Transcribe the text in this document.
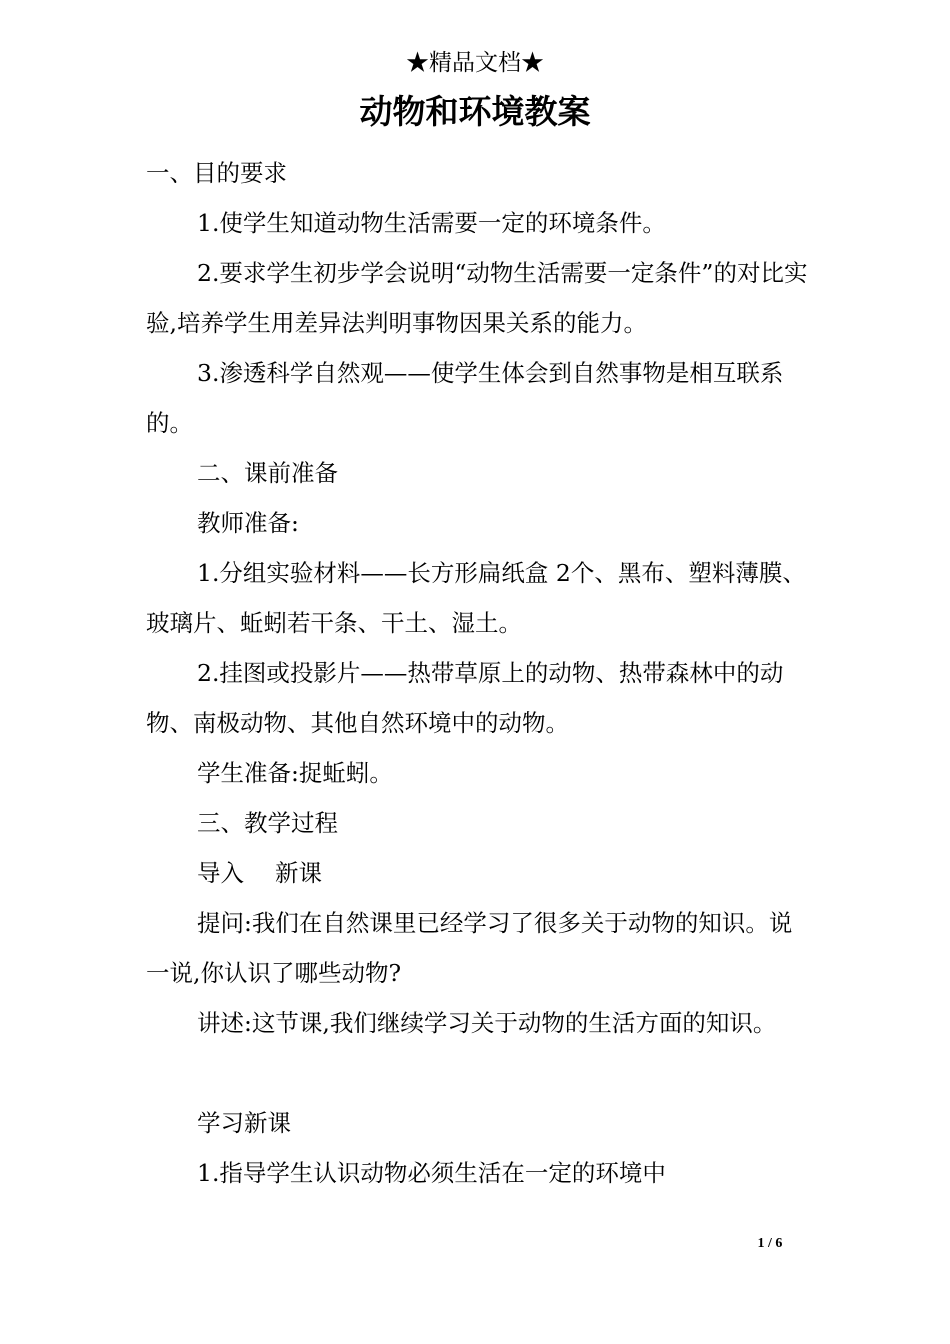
★精品文档★
动物和环境教案

一、目的要求

1.使学生知道动物生活需要一定的环境条件。

2.要求学生初步学会说明“动物生活需要一定条件”的对比实验,培养学生用差异法判明事物因果关系的能力。

3.渗透科学自然观——使学生体会到自然事物是相互联系的。

二、课前准备

教师准备:

1.分组实验材料——长方形扁纸盒 2个、黑布、塑料薄膜、玻璃片、蚯蚓若干条、干土、湿土。

2.挂图或投影片——热带草原上的动物、热带森林中的动物、南极动物、其他自然环境中的动物。

学生准备:捉蚯蚓。

三、教学过程

导入　 新课

提问:我们在自然课里已经学习了很多关于动物的知识。说一说,你认识了哪些动物?

讲述:这节课,我们继续学习关于动物的生活方面的知识。

学习新课

1.指导学生认识动物必须生活在一定的环境中

1 / 6
